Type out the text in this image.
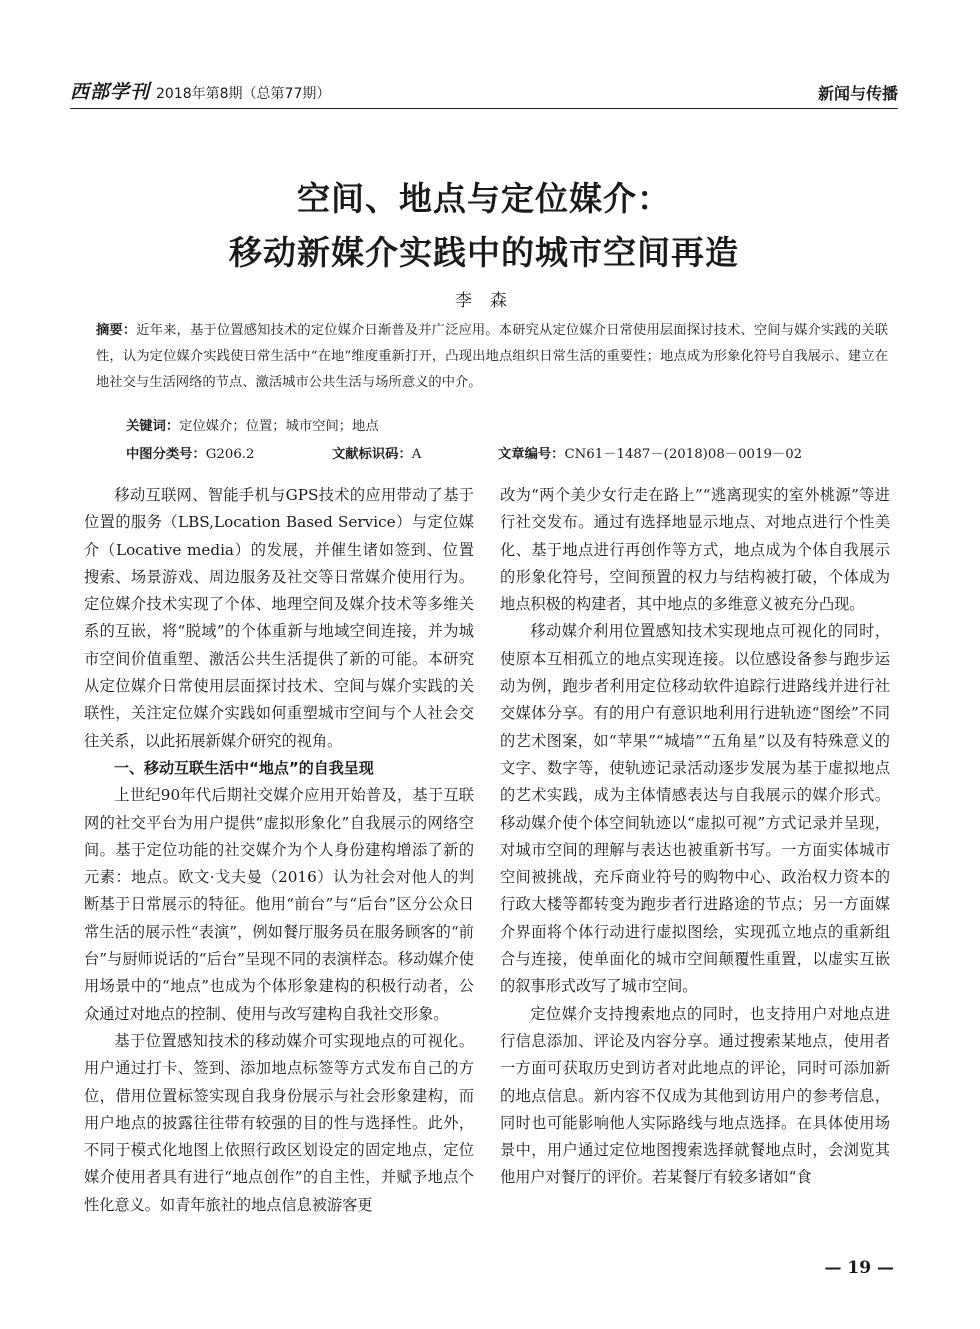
西部学刊 2018年第8期（总第77期）	新闻与传播
空间、地点与定位媒介：
移动新媒介实践中的城市空间再造
李森
摘要：近年来，基于位置感知技术的定位媒介日渐普及并广泛应用。本研究从定位媒介日常使用层面探讨技术、空间与媒介实践的关联性，认为定位媒介实践使日常生活中“在地”维度重新打开，凸现出地点组织日常生活的重要性；地点成为形象化符号自我展示、建立在地社交与生活网络的节点、激活城市公共生活与场所意义的中介。
关键词：定位媒介；位置；城市空间；地点
中图分类号：G206.2	文献标识码：A	文章编号：CN61－1487－(2018)08－0019－02

移动互联网、智能手机与GPS技术的应用带动了基于位置的服务（LBS,Location Based Service）与定位媒介（Locative media）的发展，并催生诸如签到、位置搜索、场景游戏、周边服务及社交等日常媒介使用行为。定位媒介技术实现了个体、地理空间及媒介技术等多维关系的互嵌，将“脱域”的个体重新与地域空间连接，并为城市空间价值重塑、激活公共生活提供了新的可能。本研究从定位媒介日常使用层面探讨技术、空间与媒介实践的关联性，关注定位媒介实践如何重塑城市空间与个人社会交往关系，以此拓展新媒介研究的视角。

一、移动互联生活中“地点”的自我呈现

上世纪90年代后期社交媒介应用开始普及，基于互联网的社交平台为用户提供“虚拟形象化”自我展示的网络空间。基于定位功能的社交媒介为个人身份建构增添了新的元素：地点。欧文·戈夫曼（2016）认为社会对他人的判断基于日常展示的特征。他用“前台”与“后台”区分公众日常生活的展示性“表演”，例如餐厅服务员在服务顾客的“前台”与厨师说话的“后台”呈现不同的表演样态。移动媒介使用场景中的“地点”也成为个体形象建构的积极行动者，公众通过对地点的控制、使用与改写建构自我社交形象。

基于位置感知技术的移动媒介可实现地点的可视化。用户通过打卡、签到、添加地点标签等方式发布自己的方位，借用位置标签实现自我身份展示与社会形象建构，而用户地点的披露往往带有较强的目的性与选择性。此外，不同于模式化地图上依照行政区划设定的固定地点，定位媒介使用者具有进行“地点创作”的自主性，并赋予地点个性化意义。如青年旅社的地点信息被游客更

改为“两个美少女行走在路上”“逃离现实的室外桃源”等进行社交发布。通过有选择地显示地点、对地点进行个性美化、基于地点进行再创作等方式，地点成为个体自我展示的形象化符号，空间预置的权力与结构被打破，个体成为地点积极的构建者，其中地点的多维意义被充分凸现。

移动媒介利用位置感知技术实现地点可视化的同时，使原本互相孤立的地点实现连接。以位感设备参与跑步运动为例，跑步者利用定位移动软件追踪行进路线并进行社交媒体分享。有的用户有意识地利用行进轨迹“图绘”不同的艺术图案，如“苹果”“城墙”“五角星”以及有特殊意义的文字、数字等，使轨迹记录活动逐步发展为基于虚拟地点的艺术实践，成为主体情感表达与自我展示的媒介形式。移动媒介使个体空间轨迹以“虚拟可视”方式记录并呈现，对城市空间的理解与表达也被重新书写。一方面实体城市空间被挑战，充斥商业符号的购物中心、政治权力资本的行政大楼等都转变为跑步者行进路途的节点；另一方面媒介界面将个体行动进行虚拟图绘，实现孤立地点的重新组合与连接，使单面化的城市空间颠覆性重置，以虚实互嵌的叙事形式改写了城市空间。

定位媒介支持搜索地点的同时，也支持用户对地点进行信息添加、评论及内容分享。通过搜索某地点，使用者一方面可获取历史到访者对此地点的评论，同时可添加新的地点信息。新内容不仅成为其他到访用户的参考信息，同时也可能影响他人实际路线与地点选择。在具体使用场景中，用户通过定位地图搜索选择就餐地点时，会浏览其他用户对餐厅的评价。若某餐厅有较多诸如“食

— 19 —
